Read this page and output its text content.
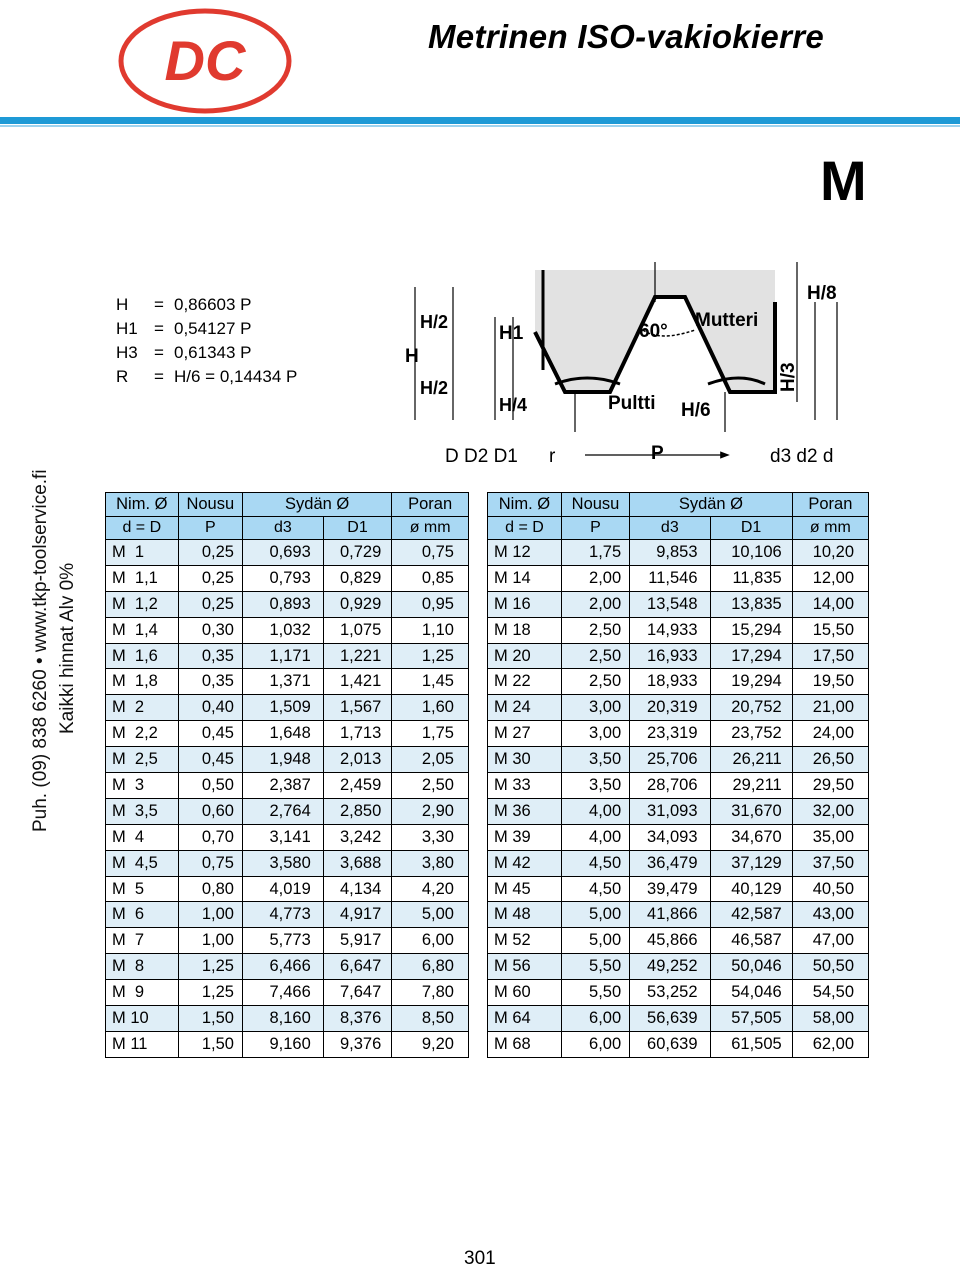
DC	Metrinen ISO-vakiokierre
M
Puh. (09) 838 6260 • www.tkp-toolservice.fi Kaikki hinnat Alv 0%
H = 0,86603 P
H1 = 0,54127 P
H3 = 0,61343 P
R = H/6 = 0,14434 P
H
H/2
H/2
H1
H/4
60°
Mutteri
Pultti H/6
H/3
H/8
P
D D2 D1 r	d3 d2 d
Nim. Ø	Nousu	Sydän Ø		Poran
d = D	P	d3	D1	ø mm
M  1	0,25	0,693	0,729	0,75
M  1,1	0,25	0,793	0,829	0,85
M  1,2	0,25	0,893	0,929	0,95
M  1,4	0,30	1,032	1,075	1,10
M  1,6	0,35	1,171	1,221	1,25
M  1,8	0,35	1,371	1,421	1,45
M  2	0,40	1,509	1,567	1,60
M  2,2	0,45	1,648	1,713	1,75
M  2,5	0,45	1,948	2,013	2,05
M  3	0,50	2,387	2,459	2,50
M  3,5	0,60	2,764	2,850	2,90
M  4	0,70	3,141	3,242	3,30
M  4,5	0,75	3,580	3,688	3,80
M  5	0,80	4,019	4,134	4,20
M  6	1,00	4,773	4,917	5,00
M  7	1,00	5,773	5,917	6,00
M  8	1,25	6,466	6,647	6,80
M  9	1,25	7,466	7,647	7,80
M 10	1,50	8,160	8,376	8,50
M 11	1,50	9,160	9,376	9,20
Nim. Ø	Nousu	Sydän Ø		Poran
d = D	P	d3	D1	ø mm
M 12	1,75	9,853	10,106	10,20
M 14	2,00	11,546	11,835	12,00
M 16	2,00	13,548	13,835	14,00
M 18	2,50	14,933	15,294	15,50
M 20	2,50	16,933	17,294	17,50
M 22	2,50	18,933	19,294	19,50
M 24	3,00	20,319	20,752	21,00
M 27	3,00	23,319	23,752	24,00
M 30	3,50	25,706	26,211	26,50
M 33	3,50	28,706	29,211	29,50
M 36	4,00	31,093	31,670	32,00
M 39	4,00	34,093	34,670	35,00
M 42	4,50	36,479	37,129	37,50
M 45	4,50	39,479	40,129	40,50
M 48	5,00	41,866	42,587	43,00
M 52	5,00	45,866	46,587	47,00
M 56	5,50	49,252	50,046	50,50
M 60	5,50	53,252	54,046	54,50
M 64	6,00	56,639	57,505	58,00
M 68	6,00	60,639	61,505	62,00
301
